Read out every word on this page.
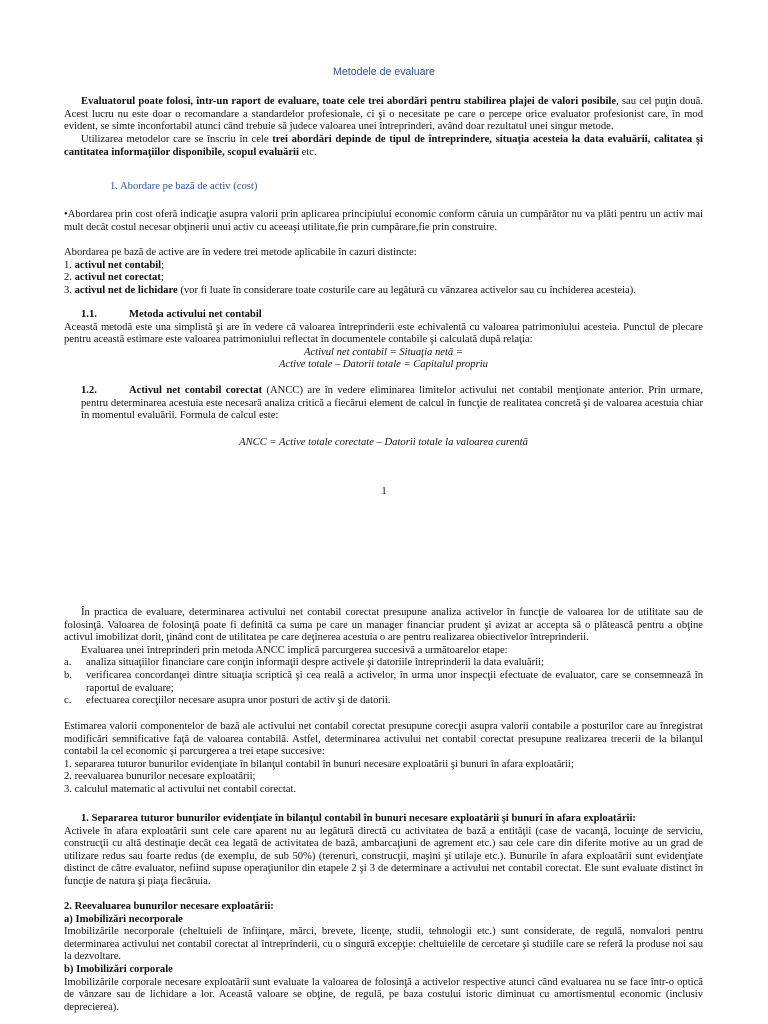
Metodele de evaluare
Evaluatorul poate folosi, într-un raport de evaluare, toate cele trei abordări pentru stabilirea plajei de valori posibile, sau cel puţin două. Acest lucru nu este doar o recomandare a standardelor profesionale, ci şi o necesitate pe care o percepe orice evaluator profesionist care, în mod evident, se simte inconfortabil atunci când trebuie să judece valoarea unei întreprinderi, având doar rezultatul unei singur metode.
Utilizarea metodelor care se înscriu în cele trei abordări depinde de tipul de întreprindere, situaţia acesteia la data evaluării, calitatea şi cantitatea informaţiilor disponibile, scopul evaluării etc.
1. Abordare pe bază de activ (cost)
•Abordarea prin cost oferă indicaţie asupra valorii prin aplicarea principiului economic conform căruia un cumpărător nu va plăti pentru un activ mai mult decât costul necesar obţinerii unui activ cu aceeaşi utilitate,fie prin cumpărare,fie prin construire.
Abordarea pe bază de active are în vedere trei metode aplicabile în cazuri distincte:
1. activul net contabil;
2. activul net corectat;
3. activul net de lichidare (vor fi luate în considerare toate costurile care au legătură cu vânzarea activelor sau cu închiderea acesteia).
1.1.	Metoda activului net contabil
Această metodă este una simplistă şi are în vedere că valoarea întreprinderii este echivalentă cu valoarea patrimoniului acesteia. Punctul de plecare pentru această estimare este valoarea patrimoniului reflectat în documentele contabile şi calculată după relaţia:
Activul net contabil = Situaţia netă =
Active totale – Datorii totale = Capitalul propriu
1.2.	Activul net contabil corectat (ANCC) are în vedere eliminarea limitelor activului net contabil menţionate anterior. Prin urmare, pentru determinarea acestuia este necesară analiza critică a fiecărui element de calcul în funcţie de realitatea concretă şi de valoarea acestuia chiar în momentul evaluării. Formula de calcul este:
ANCC = Active totale corectate – Datorii totale la valoarea curentă
1
În practica de evaluare, determinarea activului net contabil corectat presupune analiza activelor în funcţie de valoarea lor de utilitate sau de folosinţă. Valoarea de folosinţă poate fi definită ca suma pe care un manager financiar prudent şi avizat ar accepta să o plătească pentru a obţine activul imobilizat dorit, ţinând cont de utilitatea pe care deţinerea acestuia o are pentru realizarea obiectivelor întreprinderii.
Evaluarea unei întreprinderi prin metoda ANCC implică parcurgerea succesivă a următoarelor etape:
a.	analiza situaţiilor financiare care conţin informaţii despre activele şi datoriile întreprinderii la data evaluării;
b.	verificarea concordanţei dintre situaţia scriptică şi cea reală a activelor, în urma unor inspecţii efectuate de evaluator, care se consemnează în raportul de evaluare;
c.	efectuarea corecţiilor necesare asupra unor posturi de activ şi de datorii.
Estimarea valorii componentelor de bază ale activului net contabil corectat presupune corecţii asupra valorii contabile a posturilor care au înregistrat modificări semnificative faţă de valoarea contabilă. Astfel, determinarea activului net contabil corectat presupune realizarea trecerii de la bilanţul contabil la cel economic şi parcurgerea a trei etape succesive:
1. separarea tuturor bunurilor evidenţiate în bilanţul contabil în bunuri necesare exploatării şi bunuri în afara exploatării;
2. reevaluarea bunurilor necesare exploatării;
3. calculul matematic al activului net contabil corectat.
1. Separarea tuturor bunurilor evidenţiate în bilanţul contabil în bunuri necesare exploatării şi bunuri în afara exploatării:
Activele în afara exploatării sunt cele care aparent nu au legătură directă cu activitatea de bază a entităţii (case de vacanţă, locuinţe de serviciu, construcţii cu altă destinaţie decât cea legată de activitatea de bază, ambarcaţiuni de agrement etc.) sau cele care din diferite motive au un grad de utilizare redus sau foarte redus (de exemplu, de sub 50%) (terenuri, construcţii, maşini şi utilaje etc.). Bunurile în afara exploatării sunt evidenţiate distinct de către evaluator, nefiind supuse operaţiunilor din etapele 2 şi 3 de determinare a activului net contabil corectat. Ele sunt evaluate distinct în funcţie de natura şi piaţa fiecăruia.
2. Reevaluarea bunurilor necesare exploatării:
a) Imobilizări necorporale
Imobilizările necorporale (cheltuieli de înfiinţare, mărci, brevete, licenţe, studii, tehnologii etc.) sunt considerate, de regulă, nonvalori pentru determinarea activului net contabil corectat al întreprinderii, cu o singură excepţie: cheltuielile de cercetare şi studiile care se referă la produse noi sau la dezvoltare.
b) Imobilizări corporale
Imobilizările corporale necesare exploatării sunt evaluate la valoarea de folosinţă a activelor respective atunci când evaluarea nu se face într-o optică de vânzare sau de lichidare a lor. Această valoare se obţine, de regulă, pe baza costului istoric diminuat cu amortismentul economic (inclusiv deprecierea).
